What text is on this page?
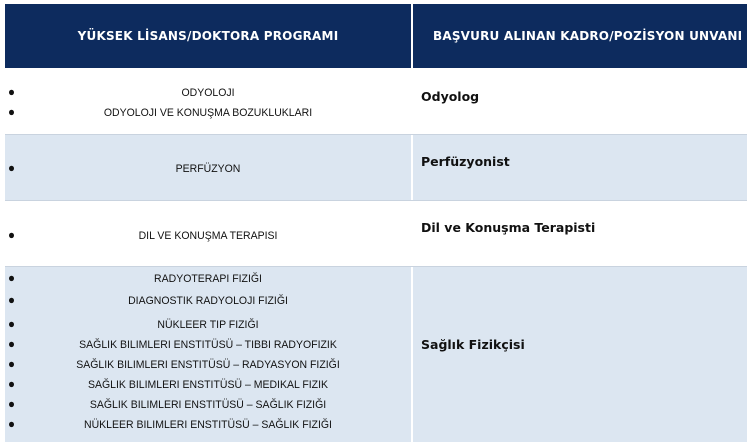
YÜKSEK LİSANS/DOKTORA PROGRAMI	BAŞVURU ALINAN KADRO/POZİSYON UNVANI
ODYOLOJI
ODYOLOJI VE KONUŞMA BOZUKLUKLARI
Odyolog
PERFÜZYON	Perfüzyonist
DIL VE KONUŞMA TERAPISI
Dil ve Konuşma Terapisti
RADYOTERAPI FIZIĞI
DIAGNOSTIK RADYOLOJI FIZIĞI
NÜKLEER TIP FIZIĞI
SAĞLIK BILIMLERI ENSTITÜSÜ – TIBBI RADYOFIZIK
SAĞLIK BILIMLERI ENSTITÜSÜ – RADYASYON FIZIĞI
SAĞLIK BILIMLERI ENSTITÜSÜ – MEDIKAL FIZIK
SAĞLIK BILIMLERI ENSTITÜSÜ – SAĞLIK FIZIĞI
NÜKLEER BILIMLERI ENSTITÜSÜ – SAĞLIK FIZIĞI
Sağlık Fizikçisi
